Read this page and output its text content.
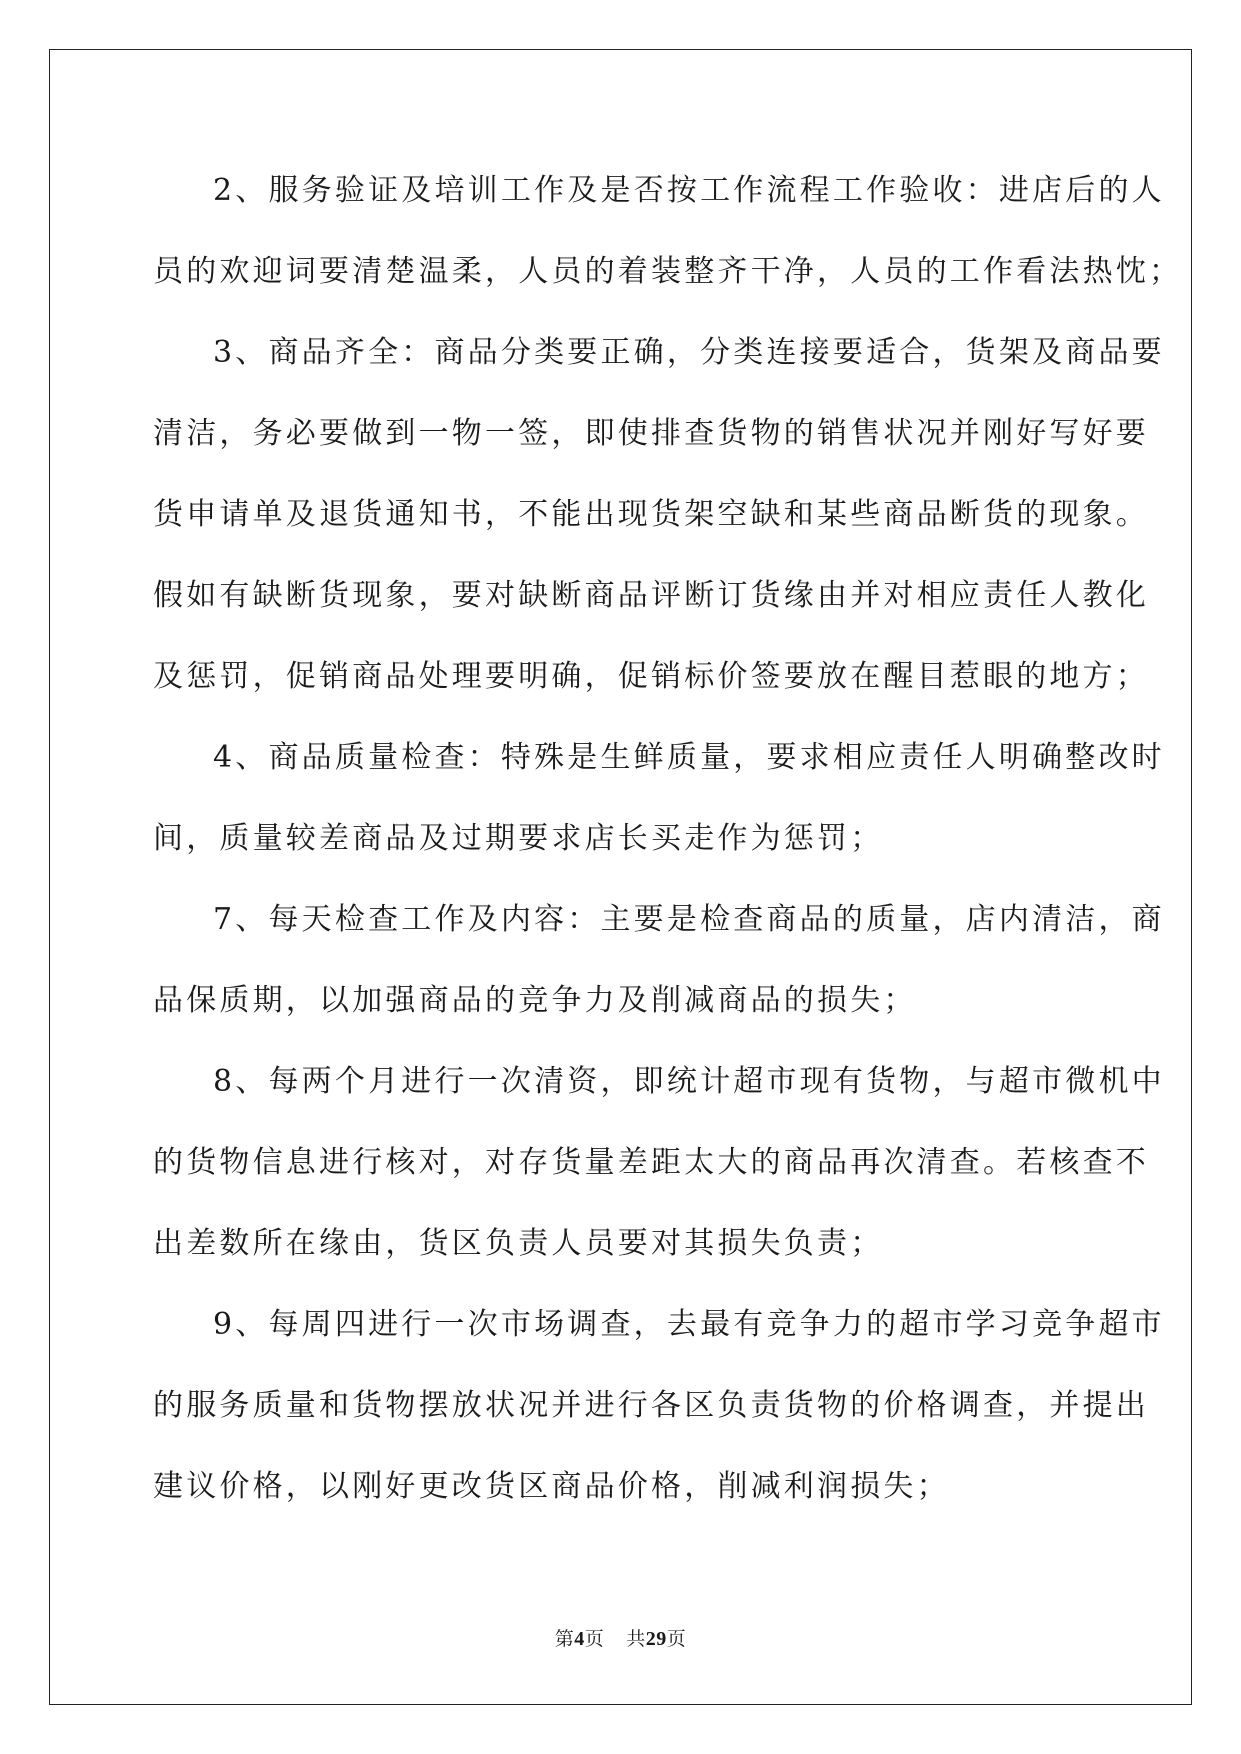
2、服务验证及培训工作及是否按工作流程工作验收：进店后的人
员的欢迎词要清楚温柔，人员的着装整齐干净，人员的工作看法热忱；
3、商品齐全：商品分类要正确，分类连接要适合，货架及商品要
清洁，务必要做到一物一签，即使排查货物的销售状况并刚好写好要
货申请单及退货通知书，不能出现货架空缺和某些商品断货的现象。
假如有缺断货现象，要对缺断商品评断订货缘由并对相应责任人教化
及惩罚，促销商品处理要明确，促销标价签要放在醒目惹眼的地方；
4、商品质量检查：特殊是生鲜质量，要求相应责任人明确整改时
间，质量较差商品及过期要求店长买走作为惩罚；
7、每天检查工作及内容：主要是检查商品的质量，店内清洁，商
品保质期，以加强商品的竞争力及削减商品的损失；
8、每两个月进行一次清资，即统计超市现有货物，与超市微机中
的货物信息进行核对，对存货量差距太大的商品再次清查。若核查不
出差数所在缘由，货区负责人员要对其损失负责；
9、每周四进行一次市场调查，去最有竞争力的超市学习竞争超市
的服务质量和货物摆放状况并进行各区负责货物的价格调查，并提出
建议价格，以刚好更改货区商品价格，削减利润损失；
第4页 共29页
